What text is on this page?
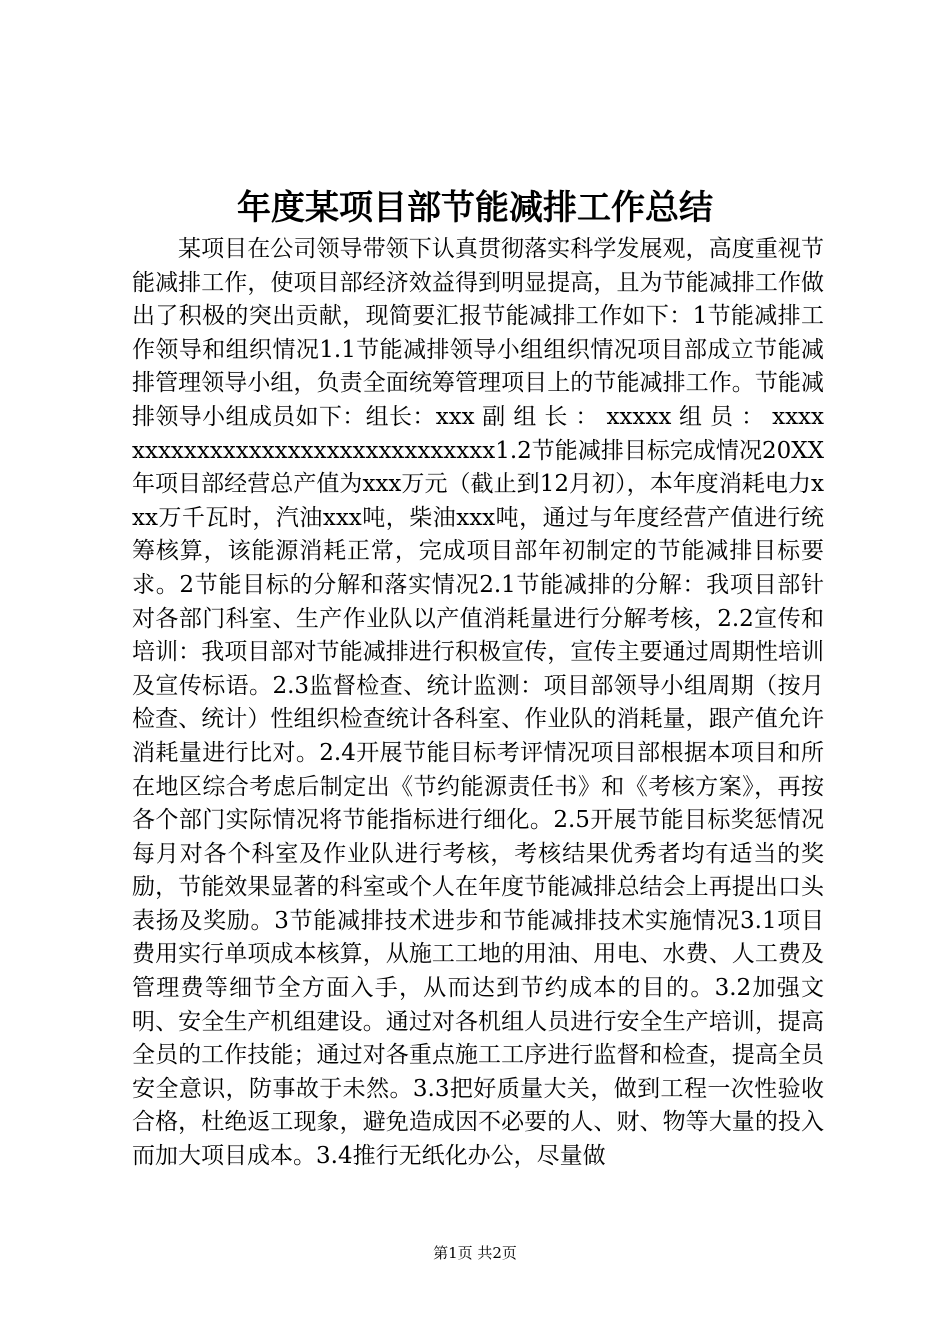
年度某项目部节能减排工作总结

某项目在公司领导带领下认真贯彻落实科学发展观，高度重视节能减排工作，使项目部经济效益得到明显提高，且为节能减排工作做出了积极的突出贡献，现简要汇报节能减排工作如下：1节能减排工作领导和组织情况1.1节能减排领导小组组织情况项目部成立节能减排管理领导小组，负责全面统筹管理项目上的节能减排工作。节能减排领导小组成员如下：组长：xxx 副 组 长 ： xxxxx 组 员 ： xxxxxxxxxxxxxxxxxxxxxxxxxxxxxxxx1.2节能减排目标完成情况20XX年项目部经营总产值为xxx万元（截止到12月初），本年度消耗电力xxx万千瓦时，汽油xxx吨，柴油xxx吨，通过与年度经营产值进行统筹核算，该能源消耗正常，完成项目部年初制定的节能减排目标要求。2节能目标的分解和落实情况2.1节能减排的分解：我项目部针对各部门科室、生产作业队以产值消耗量进行分解考核，2.2宣传和培训：我项目部对节能减排进行积极宣传，宣传主要通过周期性培训及宣传标语。2.3监督检查、统计监测：项目部领导小组周期（按月检查、统计）性组织检查统计各科室、作业队的消耗量，跟产值允许消耗量进行比对。2.4开展节能目标考评情况项目部根据本项目和所在地区综合考虑后制定出《节约能源责任书》和《考核方案》，再按各个部门实际情况将节能指标进行细化。2.5开展节能目标奖惩情况每月对各个科室及作业队进行考核，考核结果优秀者均有适当的奖励，节能效果显著的科室或个人在年度节能减排总结会上再提出口头表扬及奖励。3节能减排技术进步和节能减排技术实施情况3.1项目费用实行单项成本核算，从施工工地的用油、用电、水费、人工费及管理费等细节全方面入手，从而达到节约成本的目的。3.2加强文明、安全生产机组建设。通过对各机组人员进行安全生产培训，提高全员的工作技能；通过对各重点施工工序进行监督和检查，提高全员安全意识，防事故于未然。3.3把好质量大关，做到工程一次性验收合格，杜绝返工现象，避免造成因不必要的人、财、物等大量的投入而加大项目成本。3.4推行无纸化办公，尽量做

第1页 共2页
